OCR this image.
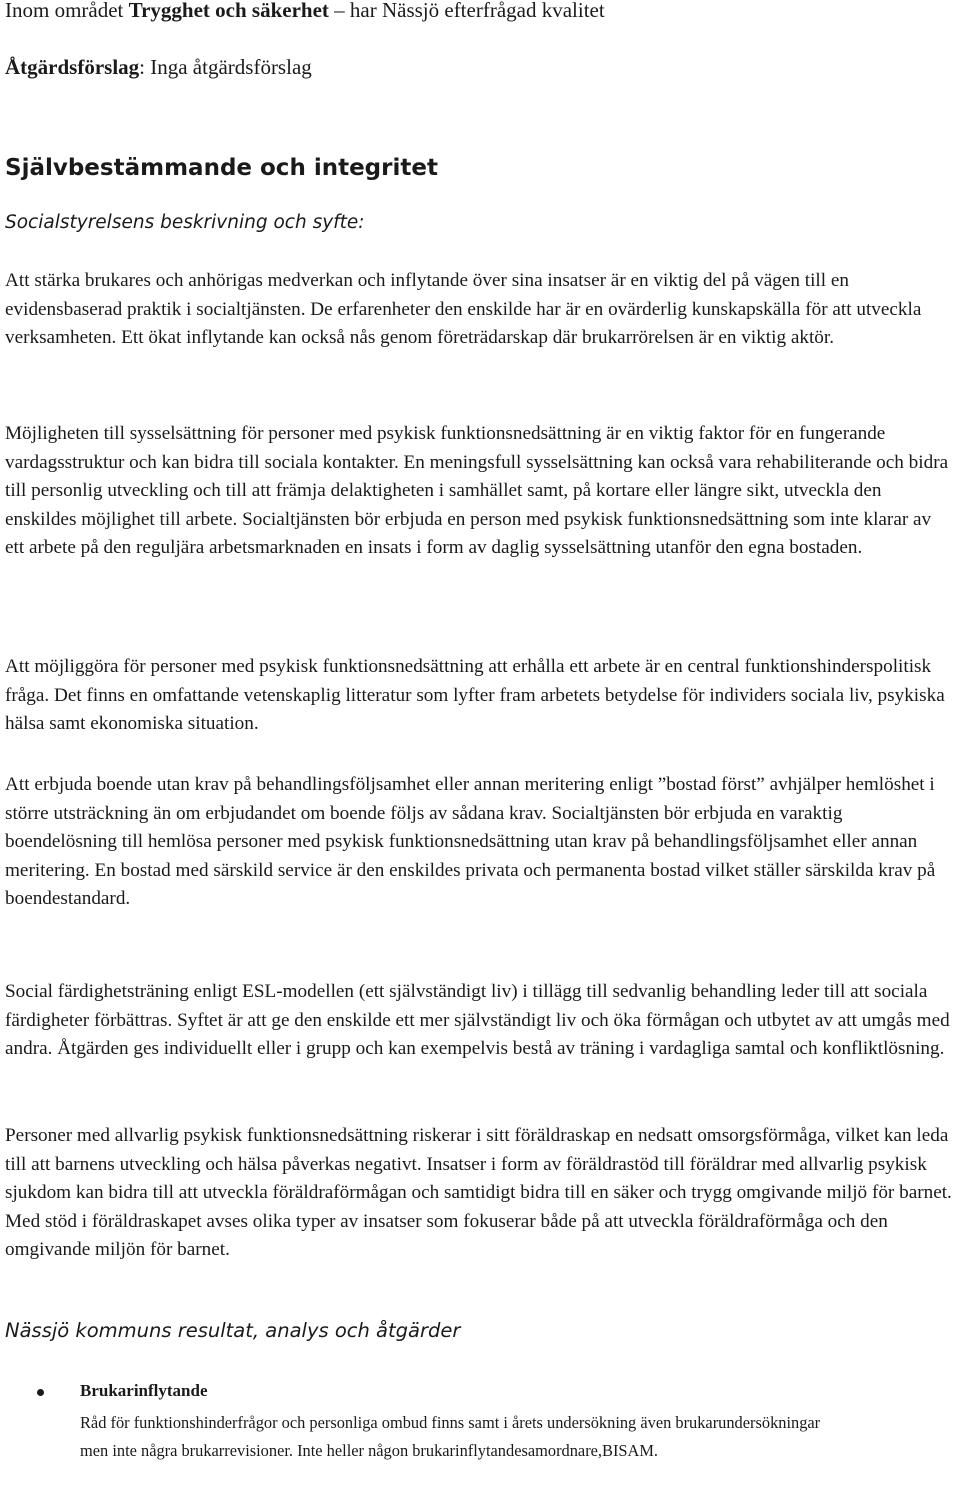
Inom området Trygghet och säkerhet – har Nässjö efterfrågad kvalitet
Åtgärdsförslag: Inga åtgärdsförslag
Självbestämmande och integritet
Socialstyrelsens beskrivning och syfte:

Att stärka brukares och anhörigas medverkan och inflytande över sina insatser är en viktig del på vägen till en evidensbaserad praktik i socialtjänsten. De erfarenheter den enskilde har är en ovärderlig kunskapskälla för att utveckla verksamheten. Ett ökat inflytande kan också nås genom företrädarskap där brukarrörelsen är en viktig aktör.

Möjligheten till sysselsättning för personer med psykisk funktionsnedsättning är en viktig faktor för en fungerande vardagsstruktur och kan bidra till sociala kontakter. En meningsfull sysselsättning kan också vara rehabiliterande och bidra till personlig utveckling och till att främja delaktigheten i samhället samt, på kortare eller längre sikt, utveckla den enskildes möjlighet till arbete. Socialtjänsten bör erbjuda en person med psykisk funktionsnedsättning som inte klarar av ett arbete på den reguljära arbetsmarknaden en insats i form av daglig sysselsättning utanför den egna bostaden.

Att möjliggöra för personer med psykisk funktionsnedsättning att erhålla ett arbete är en central funktionshinderspolitisk fråga. Det finns en omfattande vetenskaplig litteratur som lyfter fram arbetets betydelse för individers sociala liv, psykiska hälsa samt ekonomiska situation.

Att erbjuda boende utan krav på behandlingsföljsamhet eller annan meritering enligt ”bostad först” avhjälper hemlöshet i större utsträckning än om erbjudandet om boende följs av sådana krav. Socialtjänsten bör erbjuda en varaktig boendelösning till hemlösa personer med psykisk funktionsnedsättning utan krav på behandlingsföljsamhet eller annan meritering. En bostad med särskild service är den enskildes privata och permanenta bostad vilket ställer särskilda krav på boendestandard.

Social färdighetsträning enligt ESL-modellen (ett självständigt liv) i tillägg till sedvanlig behandling leder till att sociala färdigheter förbättras. Syftet är att ge den enskilde ett mer självständigt liv och öka förmågan och utbytet av att umgås med andra. Åtgärden ges individuellt eller i grupp och kan exempelvis bestå av träning i vardagliga samtal och konfliktlösning.

Personer med allvarlig psykisk funktionsnedsättning riskerar i sitt föräldraskap en nedsatt omsorgsförmåga, vilket kan leda till att barnens utveckling och hälsa påverkas negativt. Insatser i form av föräldrastöd till föräldrar med allvarlig psykisk sjukdom kan bidra till att utveckla föräldraförmågan och samtidigt bidra till en säker och trygg omgivande miljö för barnet. Med stöd i föräldraskapet avses olika typer av insatser som fokuserar både på att utveckla föräldraförmåga och den omgivande miljön för barnet.

Nässjö kommuns resultat, analys och åtgärder
Brukarinflytande

Råd för funktionshinderfrågor och personliga ombud finns samt i årets undersökning även brukarundersökningar men inte några brukarrevisioner. Inte heller någon brukarinflytandesamordnare,BISAM.
